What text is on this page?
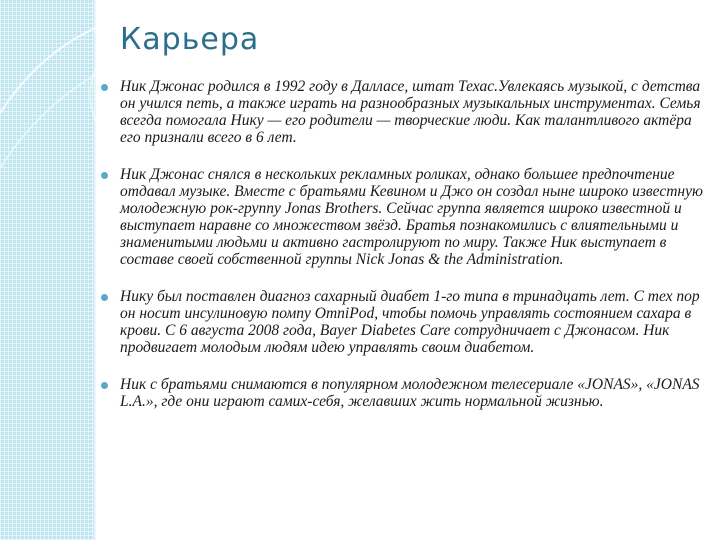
Карьера
Ник Джонас родился в 1992 году в Далласе, штат Техас.Увлекаясь музыкой, с детства он учился петь, а также играть на разнообразных музыкальных инструментах. Семья всегда помогала Нику — его родители — творческие люди. Как талантливого актёра его признали всего в 6 лет.
Ник Джонас снялся в нескольких рекламных роликах, однако большее предпочтение отдавал музыке. Вместе с братьями Кевином и Джо он создал ныне широко известную молодежную рок-группу Jonas Brothers. Сейчас группа является широко известной и выступает наравне со множеством звёзд. Братья познакомились с влиятельными и знаменитыми людьми и активно гастролируют по миру. Также Ник выступает в составе своей собственной группы Nick Jonas & the Administration.
Нику был поставлен диагноз сахарный диабет 1-го типа в тринадцать лет. С тех пор он носит инсулиновую помпу OmniPod, чтобы помочь управлять состоянием сахара в крови. С 6 августа 2008 года, Bayer Diabetes Care сотрудничает с Джонасом. Ник продвигает молодым людям идею управлять своим диабетом.
Ник с братьями снимаются в популярном молодежном телесериале «JONAS», «JONAS L.A.», где они играют самих-себя, желавших жить нормальной жизнью.
